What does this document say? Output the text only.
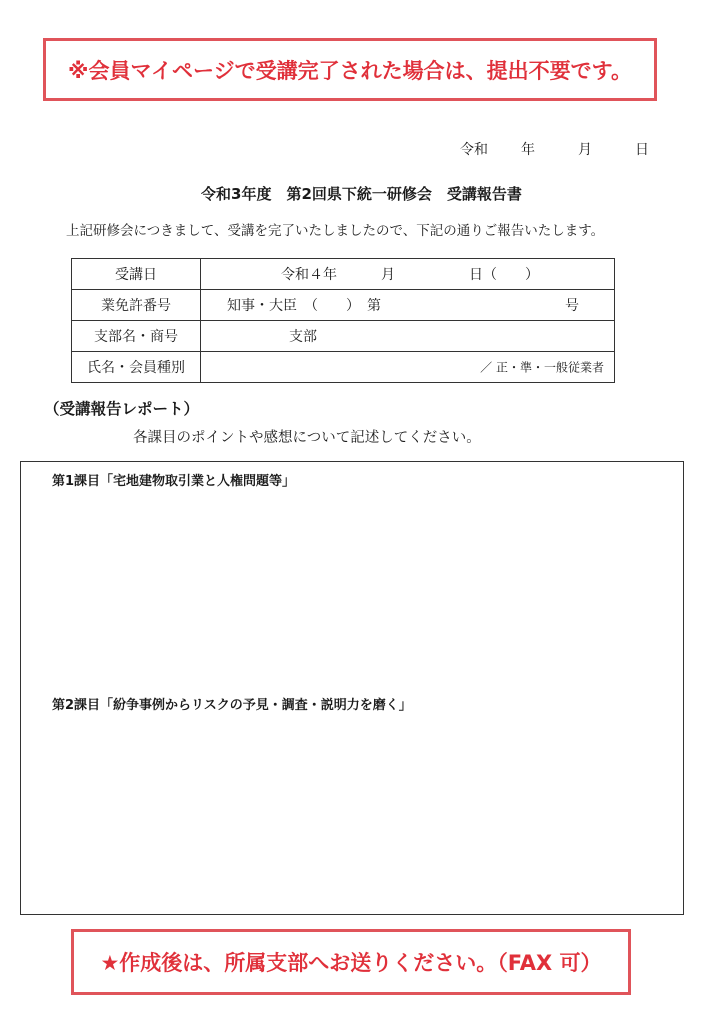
※会員マイページで受講完了された場合は、提出不要です。
令和 年	月	日
令和3年度　第2回県下統一研修会　受講報告書
上記研修会につきまして、受講を完了いたしましたので、下記の通りご報告いたします。
受講日	令和４年 月 日（　　）

業免許番号	知事・大臣　（　　）　第 号

支部名・商号	支部

氏名・会員種別	／ 正・準・一般従業者
（受講報告レポート）
各課目のポイントや感想について記述してください。
第1課目「宅地建物取引業と人権問題等」
第2課目「紛争事例からリスクの予見・調査・説明力を磨く」
★作成後は、所属支部へお送りください。（FAX 可）
